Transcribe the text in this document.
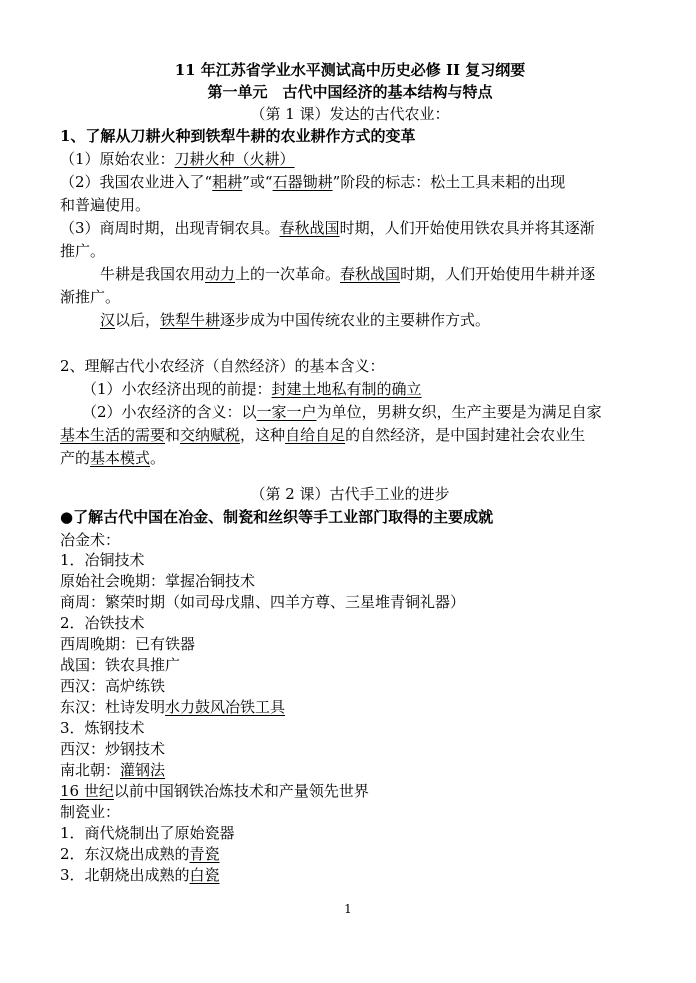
11 年江苏省学业水平测试高中历史必修 II 复习纲要
第一单元　古代中国经济的基本结构与特点
（第 1 课）发达的古代农业：
1、了解从刀耕火种到铁犁牛耕的农业耕作方式的变革
（1）原始农业：刀耕火种（火耕）
（2）我国农业进入了“耜耕”或“石器锄耕”阶段的标志：松土工具耒耜的出现
和普遍使用。
（3）商周时期，出现青铜农具。春秋战国时期，人们开始使用铁农具并将其逐渐
推广。
牛耕是我国农用动力上的一次革命。春秋战国时期，人们开始使用牛耕并逐
渐推广。
汉以后，铁犁牛耕逐步成为中国传统农业的主要耕作方式。
2、理解古代小农经济（自然经济）的基本含义：
（1）小农经济出现的前提：封建土地私有制的确立
（2）小农经济的含义：以一家一户为单位，男耕女织，生产主要是为满足自家
基本生活的需要和交纳赋税，这种自给自足的自然经济，是中国封建社会农业生
产的基本模式。
（第 2 课）古代手工业的进步
●了解古代中国在冶金、制瓷和丝织等手工业部门取得的主要成就
冶金术：
1．冶铜技术
原始社会晚期：掌握冶铜技术
商周：繁荣时期（如司母戊鼎、四羊方尊、三星堆青铜礼器）
2．冶铁技术
西周晚期：已有铁器
战国：铁农具推广
西汉：高炉练铁
东汉：杜诗发明水力鼓风冶铁工具
3．炼钢技术
西汉：炒钢技术
南北朝：灌钢法
16 世纪以前中国钢铁冶炼技术和产量领先世界
制瓷业：
1．商代烧制出了原始瓷器
2．东汉烧出成熟的青瓷
3．北朝烧出成熟的白瓷
1
